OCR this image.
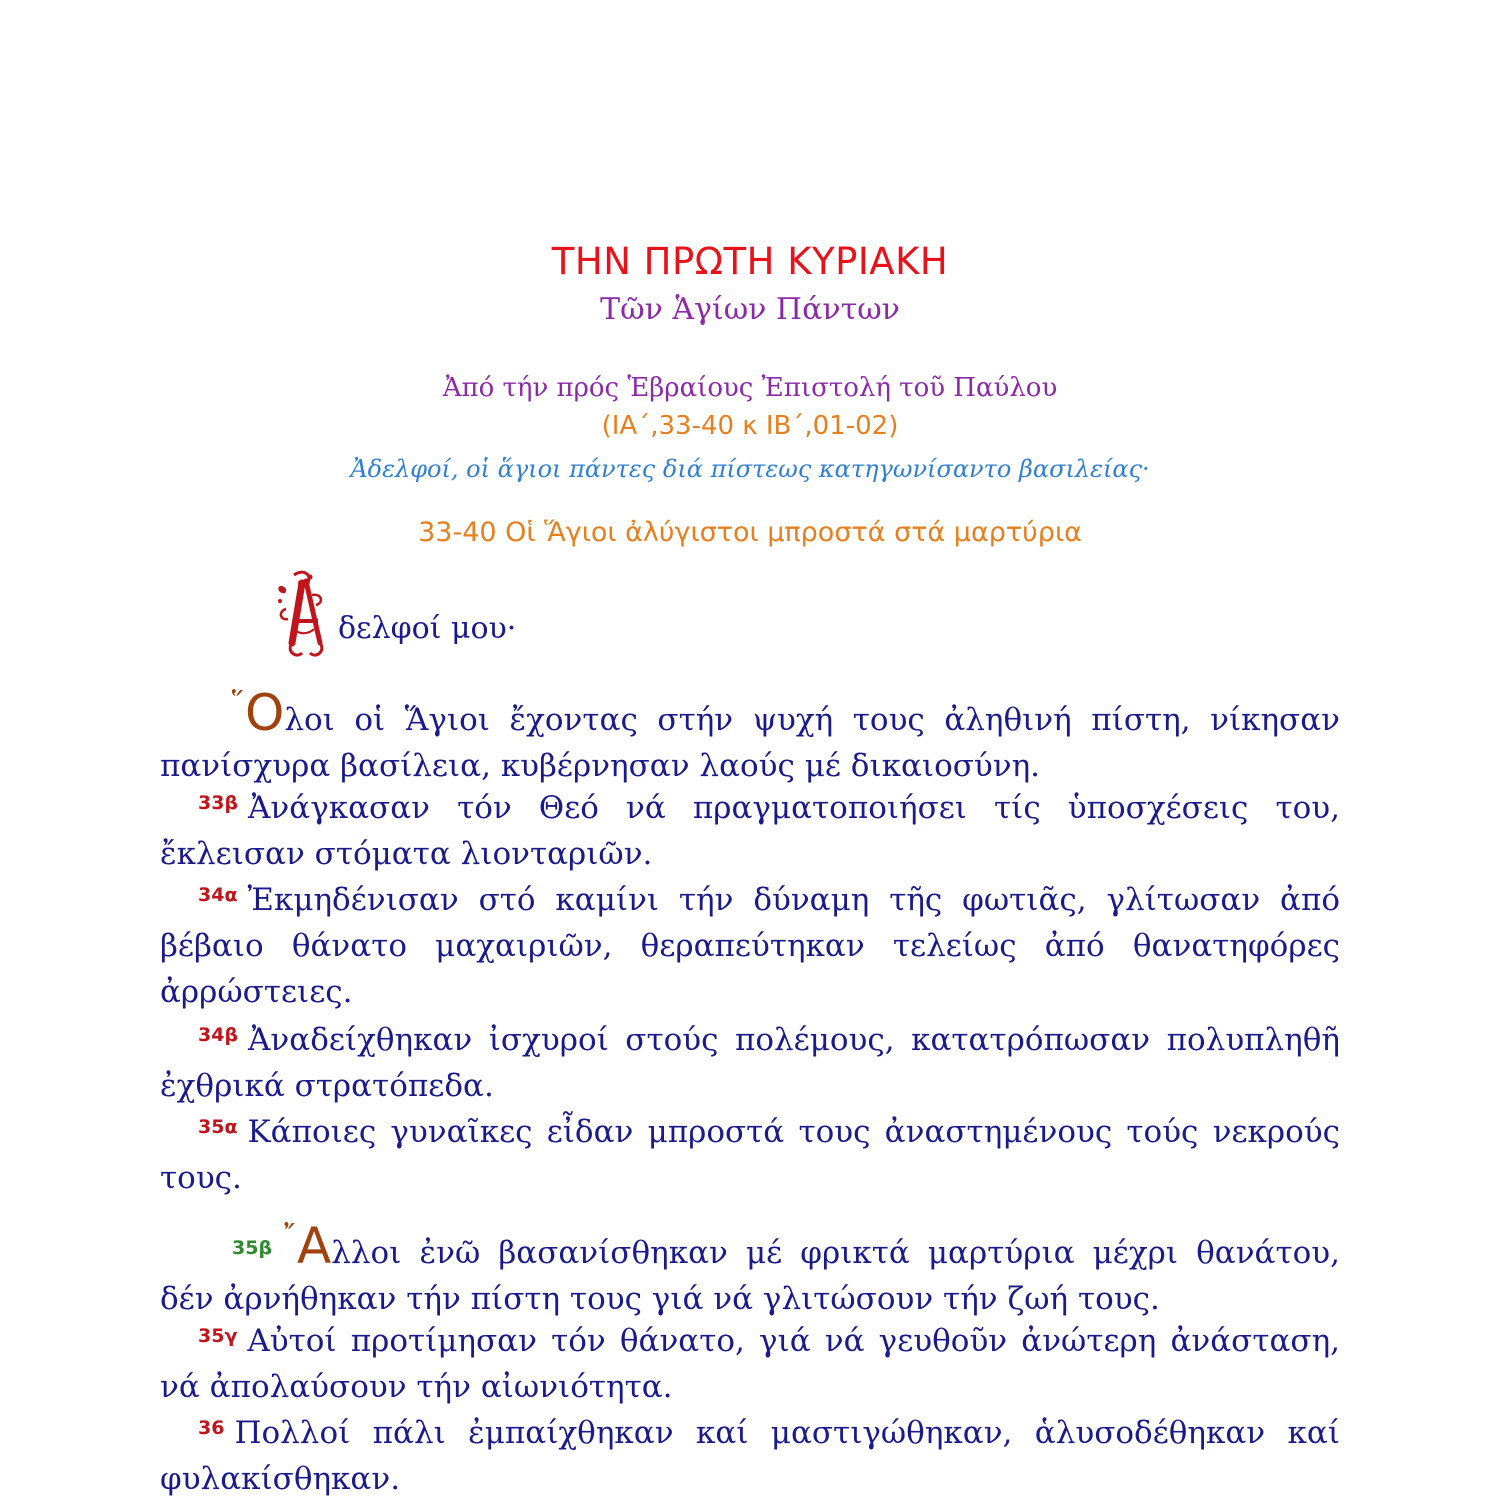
ΤΗΝ ΠΡΩΤΗ ΚΥΡΙΑΚΗ
Τῶν Ἁγίων Πάντων
Ἀπό τήν πρός Ἑβραίους Ἐπιστολή τοῦ Παύλου
(ΙΑ΄,33-40 κ ΙΒ΄,01-02)
Ἀδελφοί, οἱ ἅγιοι πάντες διά πίστεως κατηγωνίσαντο βασιλείας·
33-40 Οἱ Ἅγιοι ἀλύγιστοι μπροστά στά μαρτύρια
δελφοί μου·

῞Ολοι οἱ Ἅγιοι ἔχοντας στήν ψυχή τους ἀληθινή πίστη, νίκησαν πανίσχυρα βασίλεια, κυβέρνησαν λαούς μέ δικαιοσύνη.

$^{33\beta}$ Ἀνάγκασαν τόν Θεό νά πραγματοποιήσει τίς ὑποσχέσεις του, ἔκλεισαν στόματα λιονταριῶν.

$^{34\alpha}$ Ἐκμηδένισαν στό καμίνι τήν δύναμη τῆς φωτιᾶς, γλίτωσαν ἀπό βέβαιο θάνατο μαχαιριῶν, θεραπεύτηκαν τελείως ἀπό θανατηφόρες ἀρρώστειες.

$^{34\beta}$ Ἀναδείχθηκαν ἰσχυροί στούς πολέμους, κατατρόπωσαν πολυπληθῆ ἐχθρικά στρατόπεδα.

$^{35\alpha}$ Κάποιες γυναῖκες εἶδαν μπροστά τους ἀναστημένους τούς νεκρούς τους.

$^{35\beta}$ ῎Αλλοι ἐνῶ βασανίσθηκαν μέ φρικτά μαρτύρια μέχρι θανάτου, δέν ἀρνήθηκαν τήν πίστη τους γιά νά γλιτώσουν τήν ζωή τους.

$^{35\gamma}$ Αὐτοί προτίμησαν τόν θάνατο, γιά νά γευθοῦν ἀνώτερη ἀνάσταση, νά ἀπολαύσουν τήν αἰωνιότητα.

$^{36}$ Πολλοί πάλι ἐμπαίχθηκαν καί μαστιγώθηκαν, ἁλυσοδέθηκαν καί φυλακίσθηκαν.
